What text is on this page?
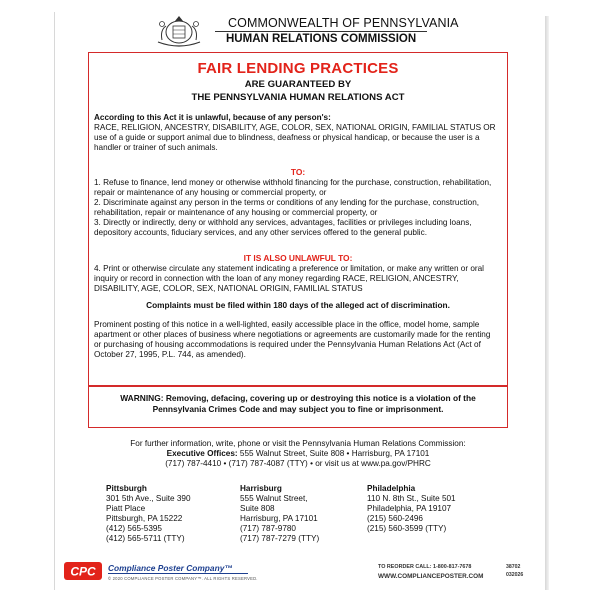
COMMONWEALTH OF PENNSYLVANIA
HUMAN RELATIONS COMMISSION
FAIR LENDING PRACTICES
ARE GUARANTEED BY
THE PENNSYLVANIA HUMAN RELATIONS ACT
According to this Act it is unlawful, because of any person's:
RACE, RELIGION, ANCESTRY, DISABILITY, AGE, COLOR, SEX, NATIONAL ORIGIN, FAMILIAL STATUS OR use of a guide or support animal due to blindness, deafness or physical handicap, or because the user is a handler or trainer of such animals.
TO:
1. Refuse to finance, lend money or otherwise withhold financing for the purchase, construction, rehabilitation, repair or maintenance of any housing or commercial property, or
2. Discriminate against any person in the terms or conditions of any lending for the purchase, construction, rehabilitation, repair or maintenance of any housing or commercial property, or
3. Directly or indirectly, deny or withhold any services, advantages, facilities or privileges including loans, depository accounts, fiduciary services, and any other services offered to the general public.
IT IS ALSO UNLAWFUL TO:
4. Print or otherwise circulate any statement indicating a preference or limitation, or make any written or oral inquiry or record in connection with the loan of any money regarding RACE, RELIGION, ANCESTRY, DISABILITY, AGE, COLOR, SEX, NATIONAL ORIGIN, FAMILIAL STATUS
Complaints must be filed within 180 days of the alleged act of discrimination.
Prominent posting of this notice in a well-lighted, easily accessible place in the office, model home, sample apartment or other places of business where negotiations or agreements are customarily made for the renting or purchasing of housing accommodations is required under the Pennsylvania Human Relations Act (Act of October 27, 1995, P.L. 744, as amended).
WARNING: Removing, defacing, covering up or destroying this notice is a violation of the
Pennsylvania Crimes Code and may subject you to fine or imprisonment.
For further information, write, phone or visit the Pennsylvania Human Relations Commission:
Executive Offices: 555 Walnut Street, Suite 808 • Harrisburg, PA 17101
(717) 787-4410 • (717) 787-4087 (TTY) • or visit us at www.pa.gov/PHRC
Pittsburgh
301 5th Ave., Suite 390
Piatt Place
Pittsburgh, PA 15222
(412) 565-5395
(412) 565-5711 (TTY)
Harrisburg
555 Walnut Street,
Suite 808
Harrisburg, PA 17101
(717) 787-9780
(717) 787-7279 (TTY)
Philadelphia
110 N. 8th St., Suite 501
Philadelphia, PA 19107
(215) 560-2496
(215) 560-3599 (TTY)
CPC Compliance Poster Company™
© 2020 COMPLIANCE POSTER COMPANY™. ALL RIGHTS RESERVED.
TO REORDER CALL: 1-800-817-7678
WWW.COMPLIANCEPOSTER.COM
38702
032026
